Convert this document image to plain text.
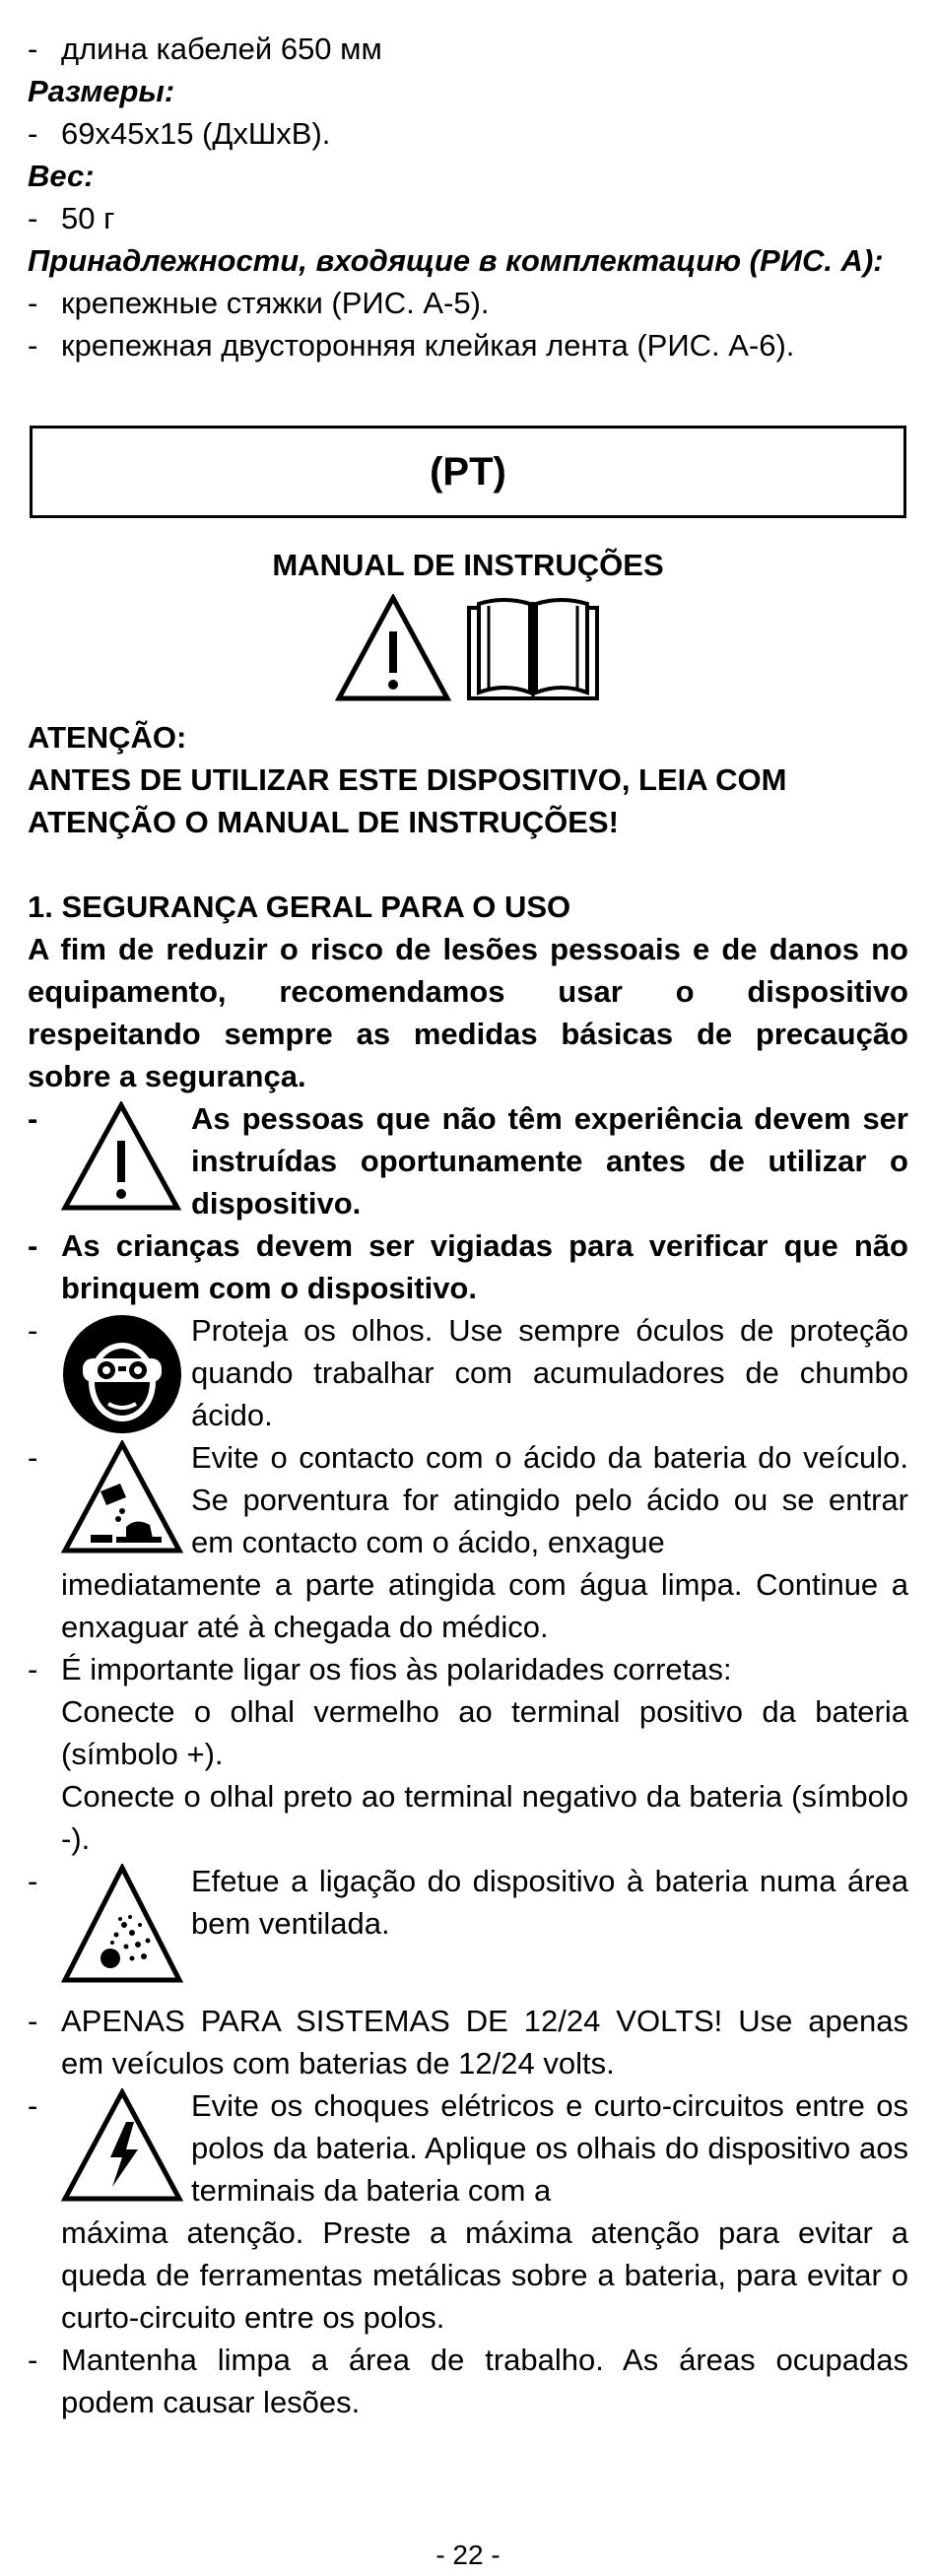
- длина кабелей 650 мм
Размеры:
- 69x45x15 (ДxШxВ).
Вес:
- 50 г
Принадлежности, входящие в комплектацию (РИС. А):
- крепежные стяжки (РИС. А-5).
- крепежная двусторонняя клейкая лента (РИС. А-6).
(PT)
MANUAL DE INSTRUÇÕES
ATENÇÃO:
ANTES DE UTILIZAR ESTE DISPOSITIVO, LEIA COM ATENÇÃO O MANUAL DE INSTRUÇÕES!
1. SEGURANÇA GERAL PARA O USO
A fim de reduzir o risco de lesões pessoais e de danos no equipamento, recomendamos usar o dispositivo respeitando sempre as medidas básicas de precaução sobre a segurança.
-	As pessoas que não têm experiência devem ser instruídas oportunamente antes de utilizar o dispositivo.
- As crianças devem ser vigiadas para verificar que não brinquem com o dispositivo.
-	Proteja os olhos. Use sempre óculos de proteção quando trabalhar com acumuladores de chumbo ácido.
-	Evite o contacto com o ácido da bateria do veículo. Se porventura for atingido pelo ácido ou se entrar em contacto com o ácido, enxague
imediatamente a parte atingida com água limpa. Continue a enxaguar até à chegada do médico.
- É importante ligar os fios às polaridades corretas:
Conecte o olhal vermelho ao terminal positivo da bateria (símbolo +).
Conecte o olhal preto ao terminal negativo da bateria (símbolo -).
-	Efetue a ligação do dispositivo à bateria numa área bem ventilada.
- APENAS PARA SISTEMAS DE 12/24 VOLTS! Use apenas em veículos com baterias de 12/24 volts.
-	Evite os choques elétricos e curto-circuitos entre os polos da bateria. Aplique os olhais do dispositivo aos terminais da bateria com a
máxima atenção. Preste a máxima atenção para evitar a queda de ferramentas metálicas sobre a bateria, para evitar o curto-circuito entre os polos.
- Mantenha limpa a área de trabalho. As áreas ocupadas podem causar lesões.
- 22 -
